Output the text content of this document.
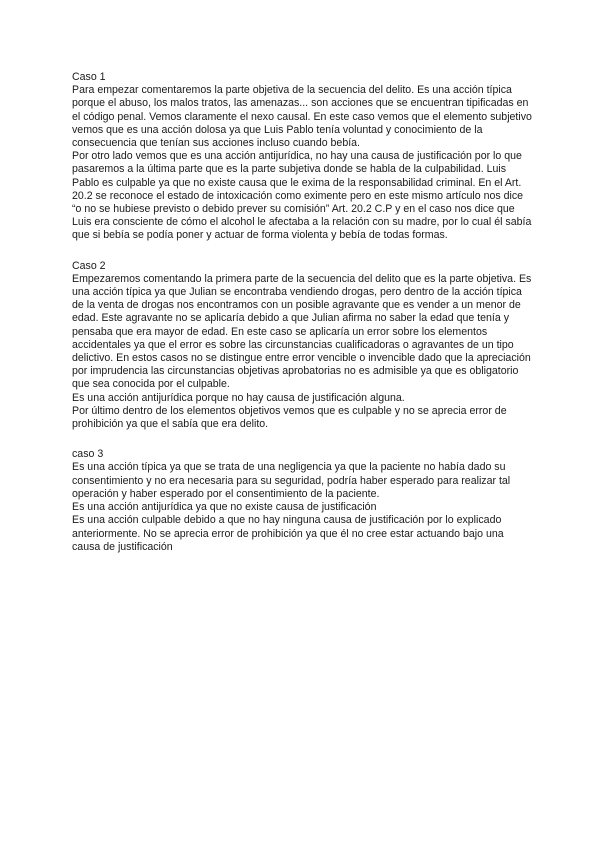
Caso 1

Para empezar comentaremos la parte objetiva de la secuencia del delito. Es una acción típica porque el abuso, los malos tratos, las amenazas... son acciones que se encuentran tipificadas en el código penal. Vemos claramente el nexo causal. En este caso vemos que el elemento subjetivo vemos que es una acción dolosa ya que Luis Pablo tenía voluntad y conocimiento de la consecuencia que tenían sus acciones incluso cuando bebía.

Por otro lado vemos que es una acción antijurídica, no hay una causa de justificación por lo que pasaremos a la última parte que es la parte subjetiva donde se habla de la culpabilidad. Luis Pablo es culpable ya que no existe causa que le exima de la responsabilidad criminal. En el Art. 20.2 se reconoce el estado de intoxicación como eximente pero en este mismo artículo nos dice “o no se hubiese previsto o debido prever su comisión” Art. 20.2 C.P y en el caso nos dice que Luis era consciente de cómo el alcohol le afectaba a la relación con su madre, por lo cual él sabía que si bebía se podía poner y actuar de forma violenta y bebía de todas formas.

Caso 2

Empezaremos comentando la primera parte de la secuencia del delito que es la parte objetiva. Es una acción típica ya que Julian se encontraba vendiendo drogas, pero dentro de la acción típica de la venta de drogas nos encontramos con un posible agravante que es vender a un menor de edad. Este agravante no se aplicaría debido a que Julian afirma no saber la edad que tenía y pensaba que era mayor de edad. En este caso se aplicaría un error sobre los elementos accidentales ya que el error es sobre las circunstancias cualificadoras o agravantes de un tipo delictivo. En estos casos no se distingue entre error vencible o invencible dado que la apreciación por imprudencia las circunstancias objetivas aprobatorias no es admisible ya que es obligatorio que sea conocida por el culpable.

Es una acción antijurídica porque no hay causa de justificación alguna.

Por último dentro de los elementos objetivos vemos que es culpable y no se aprecia error de prohibición ya que el sabía que era delito.

caso 3

Es una acción típica ya que se trata de una negligencia ya que la paciente no había dado su consentimiento y no era necesaria para su seguridad, podría haber esperado para realizar tal operación y haber esperado por el consentimiento de la paciente.

Es una acción antijurídica ya que no existe causa de justificación

Es una acción culpable debido a que no hay ninguna causa de justificación por lo explicado anteriormente. No se aprecia error de prohibición ya que él no cree estar actuando bajo una causa de justificación
